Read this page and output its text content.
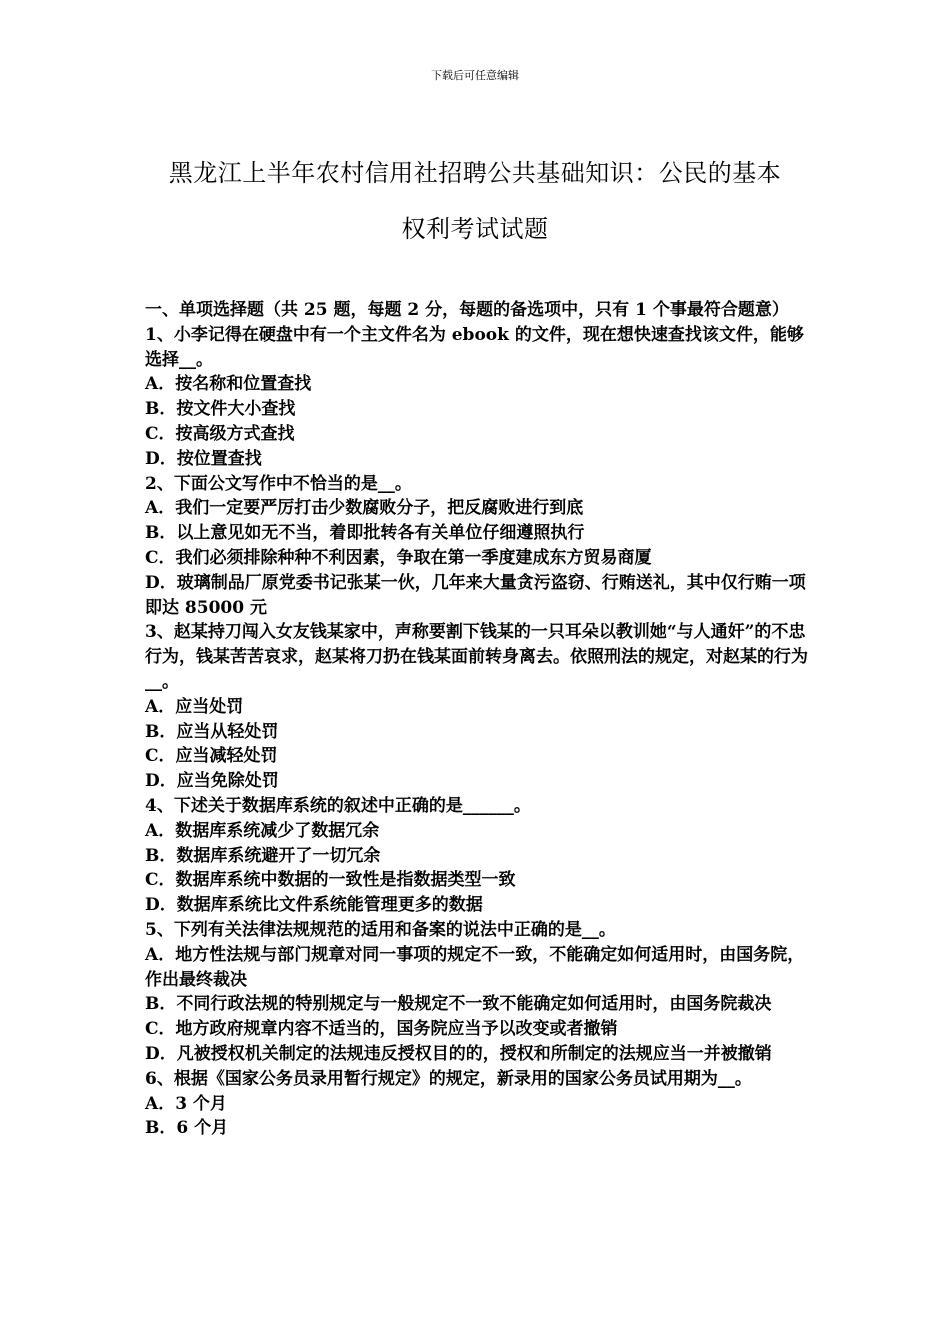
下载后可任意编辑
黑龙江上半年农村信用社招聘公共基础知识：公民的基本
权利考试试题

一、单项选择题（共 25 题，每题 2 分，每题的备选项中，只有 1 个事最符合题意）

1、小李记得在硬盘中有一个主文件名为 ebook 的文件，现在想快速查找该文件，能够选择__。

A．按名称和位置查找

B．按文件大小查找

C．按高级方式查找

D．按位置查找

2、下面公文写作中不恰当的是__。

A．我们一定要严厉打击少数腐败分子，把反腐败进行到底

B．以上意见如无不当，着即批转各有关单位仔细遵照执行

C．我们必须排除种种不利因素，争取在第一季度建成东方贸易商厦

D．玻璃制品厂原党委书记张某一伙，几年来大量贪污盗窃、行贿送礼，其中仅行贿一项即达 85000 元

3、赵某持刀闯入女友钱某家中，声称要割下钱某的一只耳朵以教训她“与人通奸”的不忠行为，钱某苦苦哀求，赵某将刀扔在钱某面前转身离去。依照刑法的规定，对赵某的行为__。

A．应当处罚

B．应当从轻处罚

C．应当减轻处罚

D．应当免除处罚

4、下述关于数据库系统的叙述中正确的是______。

A．数据库系统减少了数据冗余

B．数据库系统避开了一切冗余

C．数据库系统中数据的一致性是指数据类型一致

D．数据库系统比文件系统能管理更多的数据

5、下列有关法律法规规范的适用和备案的说法中正确的是__。

A．地方性法规与部门规章对同一事项的规定不一致，不能确定如何适用时，由国务院，作出最终裁决

B．不同行政法规的特别规定与一般规定不一致不能确定如何适用时，由国务院裁决

C．地方政府规章内容不适当的，国务院应当予以改变或者撤销

D．凡被授权机关制定的法规违反授权目的的，授权和所制定的法规应当一并被撤销

6、根据《国家公务员录用暂行规定》的规定，新录用的国家公务员试用期为__。

A．3 个月

B．6 个月
